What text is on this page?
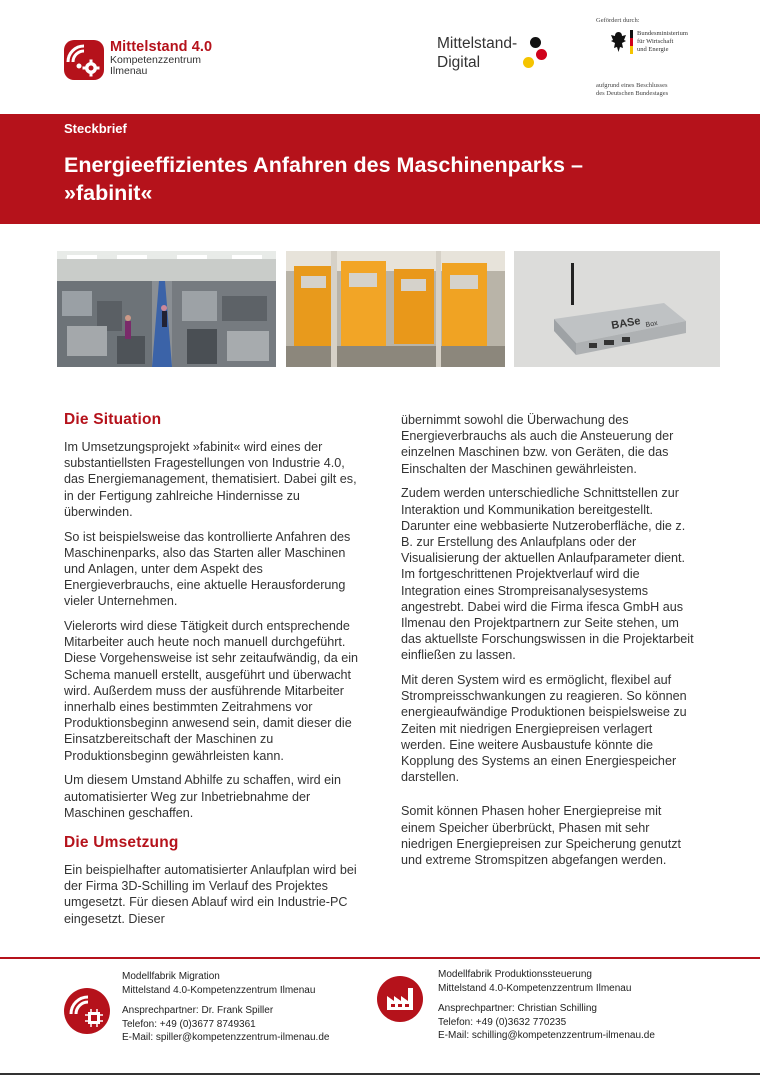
Mittelstand 4.0
Kompetenzzentrum
Ilmenau
Mittelstand-
Digital
Gefördert durch:
Bundesministerium
für Wirtschaft
und Energie
aufgrund eines Beschlusses
des Deutschen Bundestages
Steckbrief
Energieeffizientes Anfahren des Maschinenparks –
»fabinit«
BASe Box
Die Situation

Im Umsetzungsprojekt »fabinit« wird eines der substantiellsten Fragestellungen von Industrie 4.0, das Energiemanagement, thematisiert. Dabei gilt es, in der Fertigung zahlreiche Hindernisse zu überwinden.

So ist beispielsweise das kontrollierte Anfahren des Maschinenparks, also das Starten aller Maschinen und Anlagen, unter dem Aspekt des Energieverbrauchs, eine aktuelle Herausforderung vieler Unternehmen.

Vielerorts wird diese Tätigkeit durch entsprechende Mitarbeiter auch heute noch manuell durchgeführt. Diese Vorgehensweise ist sehr zeitaufwändig, da ein Schema manuell erstellt, ausgeführt und überwacht wird. Außerdem muss der ausführende Mitarbeiter innerhalb eines bestimmten Zeitrahmens vor Produktionsbeginn anwesend sein, damit dieser die Einsatzbereitschaft der Maschinen zu Produktionsbeginn gewährleisten kann.

Um diesem Umstand Abhilfe zu schaffen, wird ein automatisierter Weg zur Inbetriebnahme der Maschinen geschaffen.

Die Umsetzung

Ein beispielhafter automatisierter Anlaufplan wird bei der Firma 3D-Schilling im Verlauf des Projektes umgesetzt. Für diesen Ablauf wird ein Industrie-PC eingesetzt. Dieser

übernimmt sowohl die Überwachung des Energieverbrauchs als auch die Ansteuerung der einzelnen Maschinen bzw. von Geräten, die das Einschalten der Maschinen gewährleisten.

Zudem werden unterschiedliche Schnittstellen zur Interaktion und Kommunikation bereitgestellt. Darunter eine webbasierte Nutzeroberfläche, die z. B. zur Erstellung des Anlaufplans oder der Visualisierung der aktuellen Anlaufparameter dient. Im fortgeschrittenen Projektverlauf wird die Integration eines Strompreisanalysesystems angestrebt. Dabei wird die Firma ifesca GmbH aus Ilmenau den Projektpartnern zur Seite stehen, um das aktuellste Forschungswissen in die Projektarbeit einfließen zu lassen.

Mit deren System wird es ermöglicht, flexibel auf Strompreisschwankungen zu reagieren. So können energieaufwändige Produktionen beispielsweise zu Zeiten mit niedrigen Energiepreisen verlagert werden. Eine weitere Ausbaustufe könnte die Kopplung des Systems an einen Energiespeicher darstellen.

Somit können Phasen hoher Energiepreise mit einem Speicher überbrückt, Phasen mit sehr niedrigen Energiepreisen zur Speicherung genutzt und extreme Stromspitzen abgefangen werden.

Modellfabrik Migration
Mittelstand 4.0-Kompetenzzentrum Ilmenau
Ansprechpartner: Dr. Frank Spiller
Telefon: +49 (0)3677 8749361
E-Mail: spiller@kompetenzzentrum-ilmenau.de
Modellfabrik Produktionssteuerung
Mittelstand 4.0-Kompetenzzentrum Ilmenau
Ansprechpartner: Christian Schilling
Telefon: +49 (0)3632 770235
E-Mail: schilling@kompetenzzentrum-ilmenau.de
